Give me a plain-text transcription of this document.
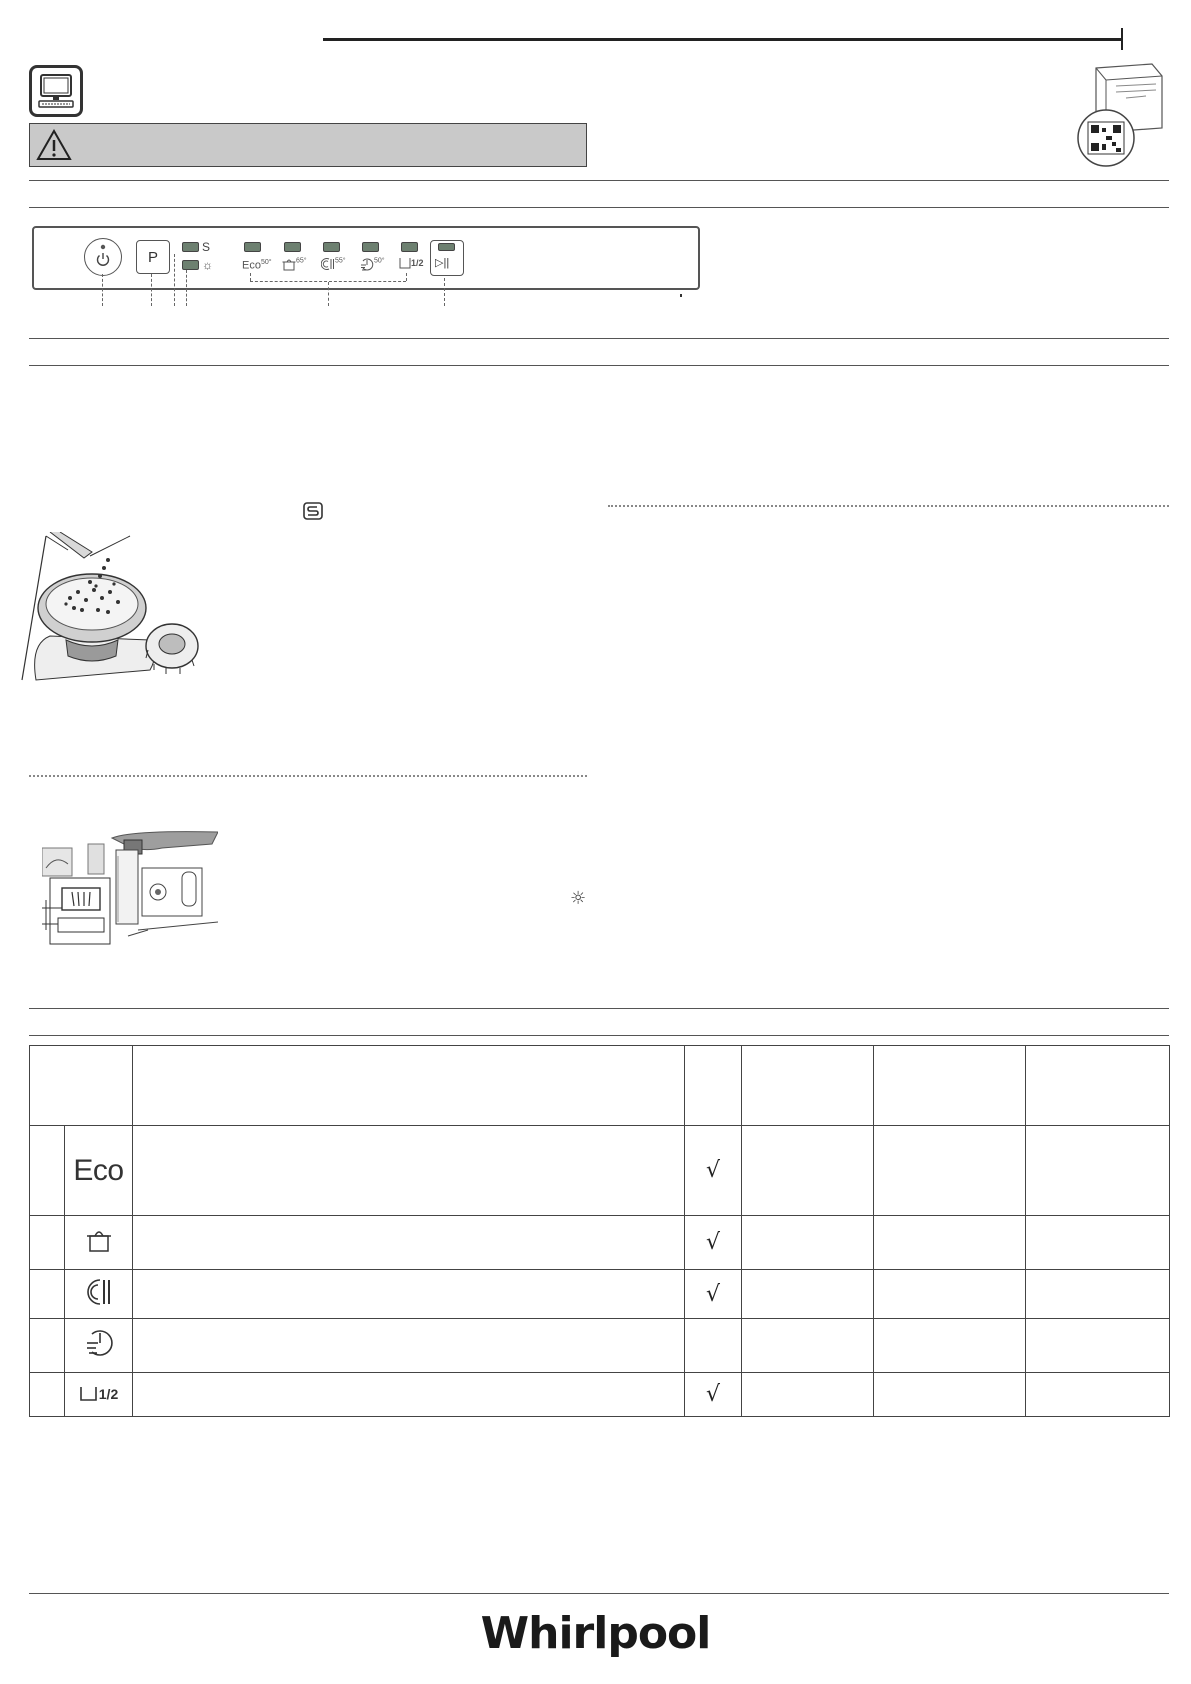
P
S
☼	Eco$^{50^\circ}$	$^{65^\circ}$	$^{55^\circ}$	$^{50^\circ}$	1/2 ▷||
☼

	Eco		√			
			√			
			√			

	1/2		√			
Whirlpool
